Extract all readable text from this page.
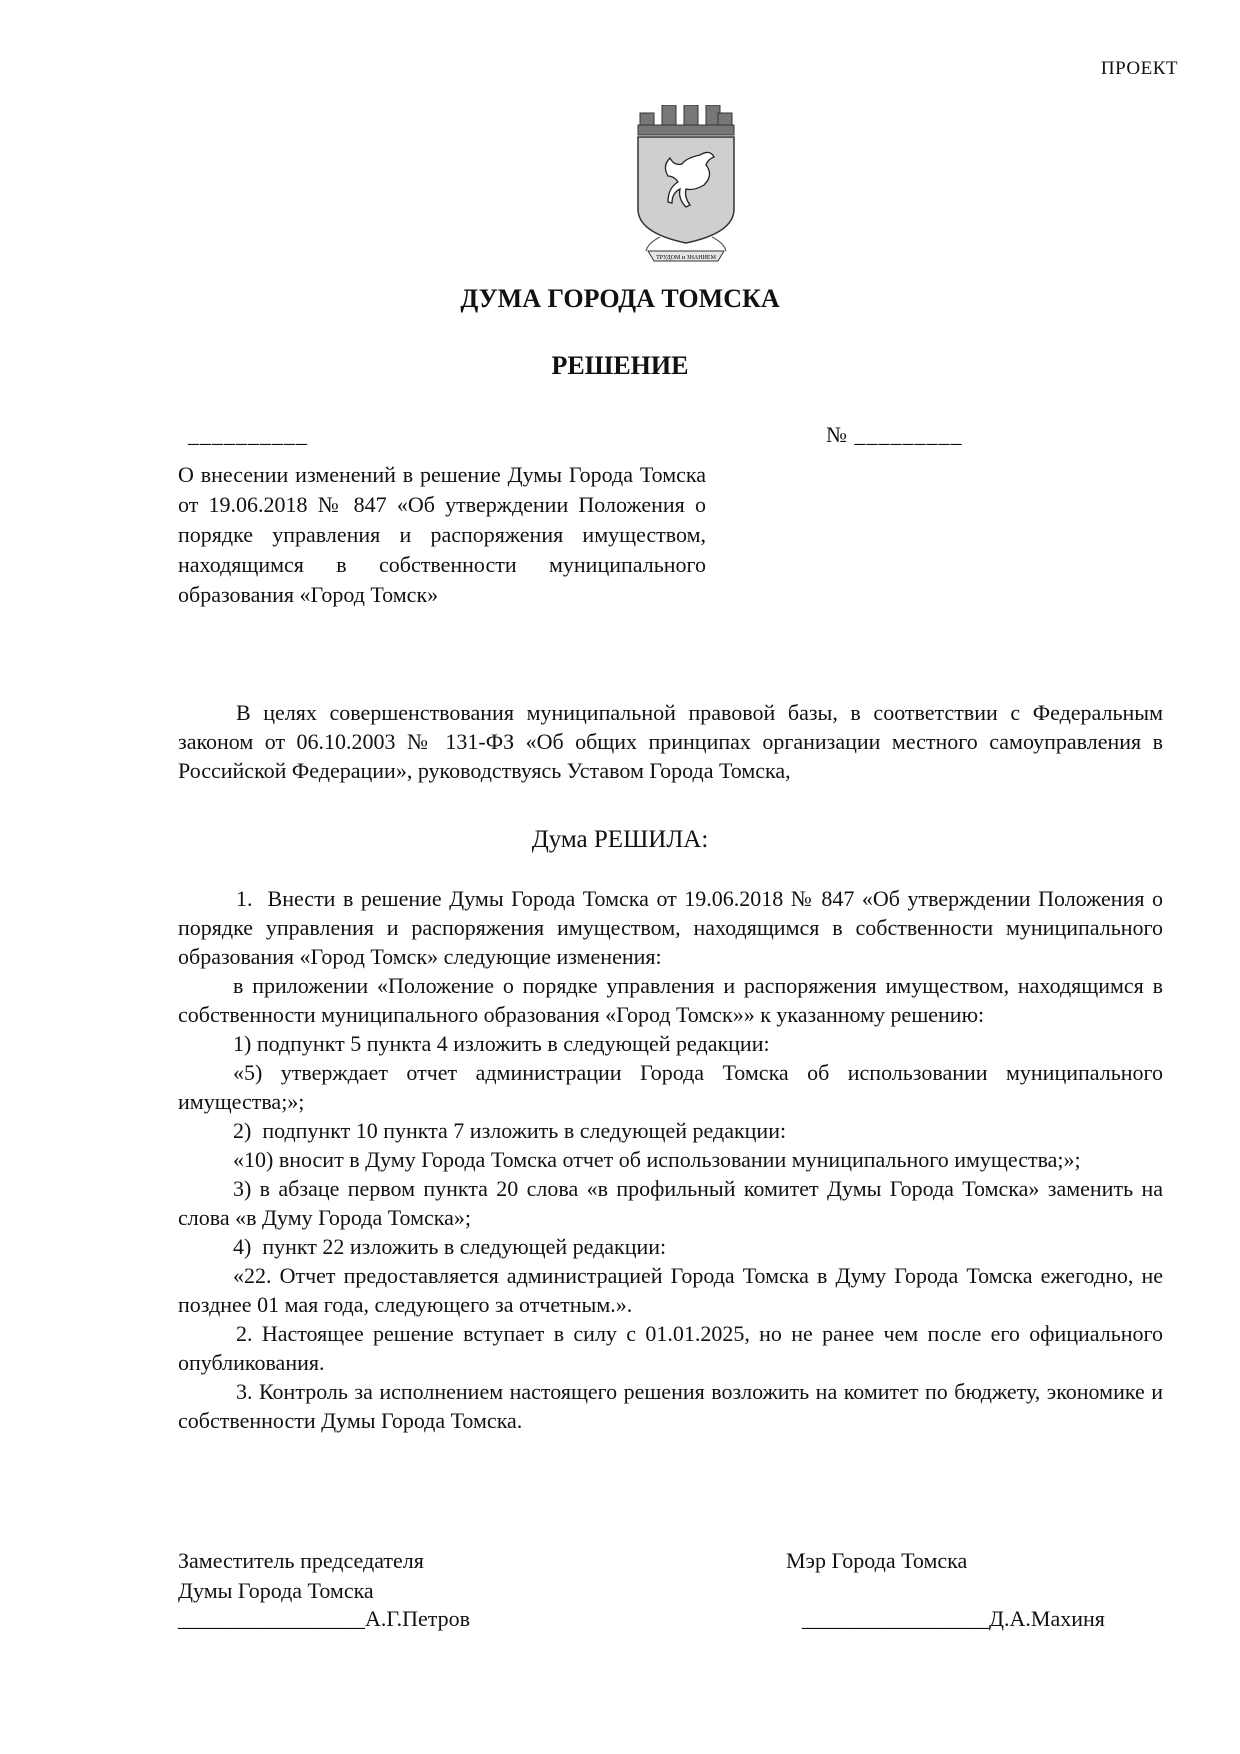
ПРОЕКТ
ТРУДОМ и ЗНАНИЕМ
ДУМА ГОРОДА ТОМСКА
РЕШЕНИЕ
__________	№ _________
О внесении изменений в решение Думы Города Томска от 19.06.2018 № 847 «Об утверждении Положения о порядке управления и распоряжения имуществом, находящимся в собственности муниципального образования «Город Томск»
В целях совершенствования муниципальной правовой базы, в соответствии с Федеральным законом от 06.10.2003 № 131-ФЗ «Об общих принципах организации местного самоуправления в Российской Федерации», руководствуясь Уставом Города Томска,
Дума РЕШИЛА:

1.  Внести в решение Думы Города Томска от 19.06.2018 № 847 «Об утверждении Положения о порядке управления и распоряжения имуществом, находящимся в собственности муниципального образования «Город Томск» следующие изменения:

в приложении «Положение о порядке управления и распоряжения имуществом, находящимся в собственности муниципального образования «Город Томск»» к указанному решению:

1) подпункт 5 пункта 4 изложить в следующей редакции:

«5) утверждает отчет администрации Города Томска об использовании муниципального имущества;»;

2)  подпункт 10 пункта 7 изложить в следующей редакции:

«10) вносит в Думу Города Томска отчет об использовании муниципального имущества;»;

3) в абзаце первом пункта 20 слова «в профильный комитет Думы Города Томска» заменить на слова «в Думу Города Томска»;

4)  пункт 22 изложить в следующей редакции:

«22. Отчет предоставляется администрацией Города Томска в Думу Города Томска ежегодно, не позднее 01 мая года, следующего за отчетным.».

2. Настоящее решение вступает в силу с 01.01.2025, но не ранее чем после его официального опубликования.

3. Контроль за исполнением настоящего решения возложить на комитет по бюджету, экономике и собственности Думы Города Томска.

Заместитель председателя
Думы Города Томска
Мэр Города Томска
_________________А.Г.Петров	_________________Д.А.Махиня
